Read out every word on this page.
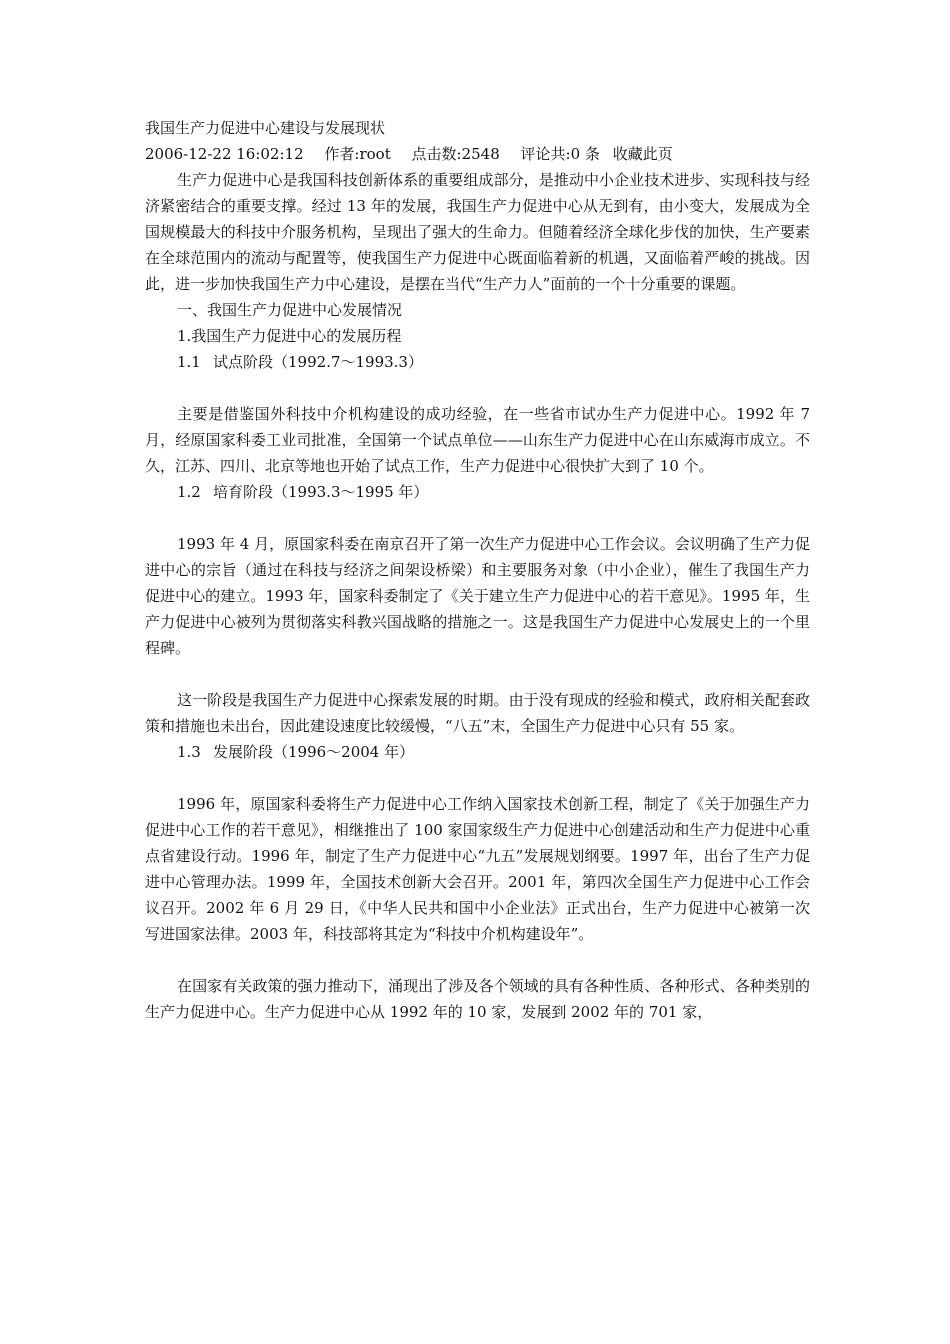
我国生产力促进中心建设与发展现状
2006-12-22 16:02:12 作者:root 点击数:2548 评论共:0 条 收藏此页

生产力促进中心是我国科技创新体系的重要组成部分，是推动中小企业技术进步、实现科技与经济紧密结合的重要支撑。经过 13 年的发展，我国生产力促进中心从无到有，由小变大，发展成为全国规模最大的科技中介服务机构，呈现出了强大的生命力。但随着经济全球化步伐的加快，生产要素在全球范围内的流动与配置等，使我国生产力促进中心既面临着新的机遇，又面临着严峻的挑战。因此，进一步加快我国生产力中心建设，是摆在当代“生产力人”面前的一个十分重要的课题。

一、我国生产力促进中心发展情况

1.我国生产力促进中心的发展历程

1.1 试点阶段（1992.7～1993.3）

主要是借鉴国外科技中介机构建设的成功经验，在一些省市试办生产力促进中心。1992 年 7 月，经原国家科委工业司批准，全国第一个试点单位——山东生产力促进中心在山东威海市成立。不久，江苏、四川、北京等地也开始了试点工作，生产力促进中心很快扩大到了 10 个。

1.2 培育阶段（1993.3～1995 年）

1993 年 4 月，原国家科委在南京召开了第一次生产力促进中心工作会议。会议明确了生产力促进中心的宗旨（通过在科技与经济之间架设桥梁）和主要服务对象（中小企业），催生了我国生产力促进中心的建立。1993 年，国家科委制定了《关于建立生产力促进中心的若干意见》。1995 年，生产力促进中心被列为贯彻落实科教兴国战略的措施之一。这是我国生产力促进中心发展史上的一个里程碑。

这一阶段是我国生产力促进中心探索发展的时期。由于没有现成的经验和模式，政府相关配套政策和措施也未出台，因此建设速度比较缓慢，“八五”末，全国生产力促进中心只有 55 家。

1.3 发展阶段（1996～2004 年）

1996 年，原国家科委将生产力促进中心工作纳入国家技术创新工程，制定了《关于加强生产力促进中心工作的若干意见》，相继推出了 100 家国家级生产力促进中心创建活动和生产力促进中心重点省建设行动。1996 年，制定了生产力促进中心“九五”发展规划纲要。1997 年，出台了生产力促进中心管理办法。1999 年，全国技术创新大会召开。2001 年，第四次全国生产力促进中心工作会议召开。2002 年 6 月 29 日，《中华人民共和国中小企业法》正式出台，生产力促进中心被第一次写进国家法律。2003 年，科技部将其定为“科技中介机构建设年”。

在国家有关政策的强力推动下，涌现出了涉及各个领域的具有各种性质、各种形式、各种类别的生产力促进中心。生产力促进中心从 1992 年的 10 家，发展到 2002 年的 701 家，
